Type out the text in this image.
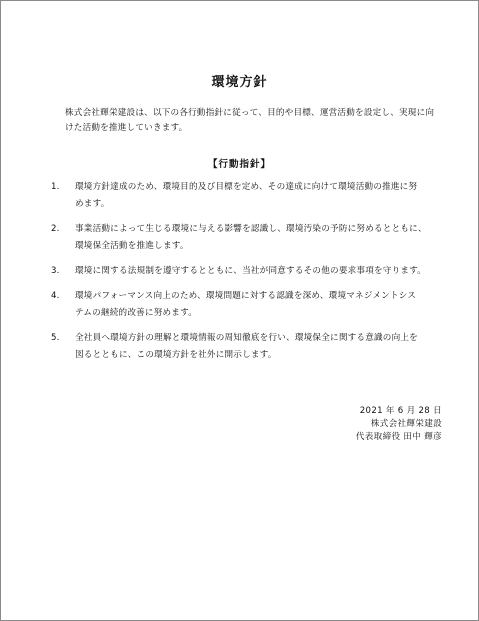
環境方針
株式会社輝栄建設は、以下の各行動指針に従って、目的や目標、運営活動を設定し、実現に向けた活動を推進していきます。
【行動指針】
1.	環境方針達成のため、環境目的及び目標を定め、その達成に向けて環境活動の推進に努
めます。
2.	事業活動によって生じる環境に与える影響を認識し、環境汚染の予防に努めるとともに、
環境保全活動を推進します。
3.	環境に関する法規制を遵守するとともに、当社が同意するその他の要求事項を守ります。
4.	環境パフォーマンス向上のため、環境問題に対する認識を深め、環境マネジメントシス
テムの継続的改善に努めます。
5.	全社員へ環境方針の理解と環境情報の周知徹底を行い、環境保全に関する意識の向上を
図るとともに、この環境方針を社外に開示します。
2021 年 6 月 28 日
株式会社輝栄建設
代表取締役 田中 輝彦
